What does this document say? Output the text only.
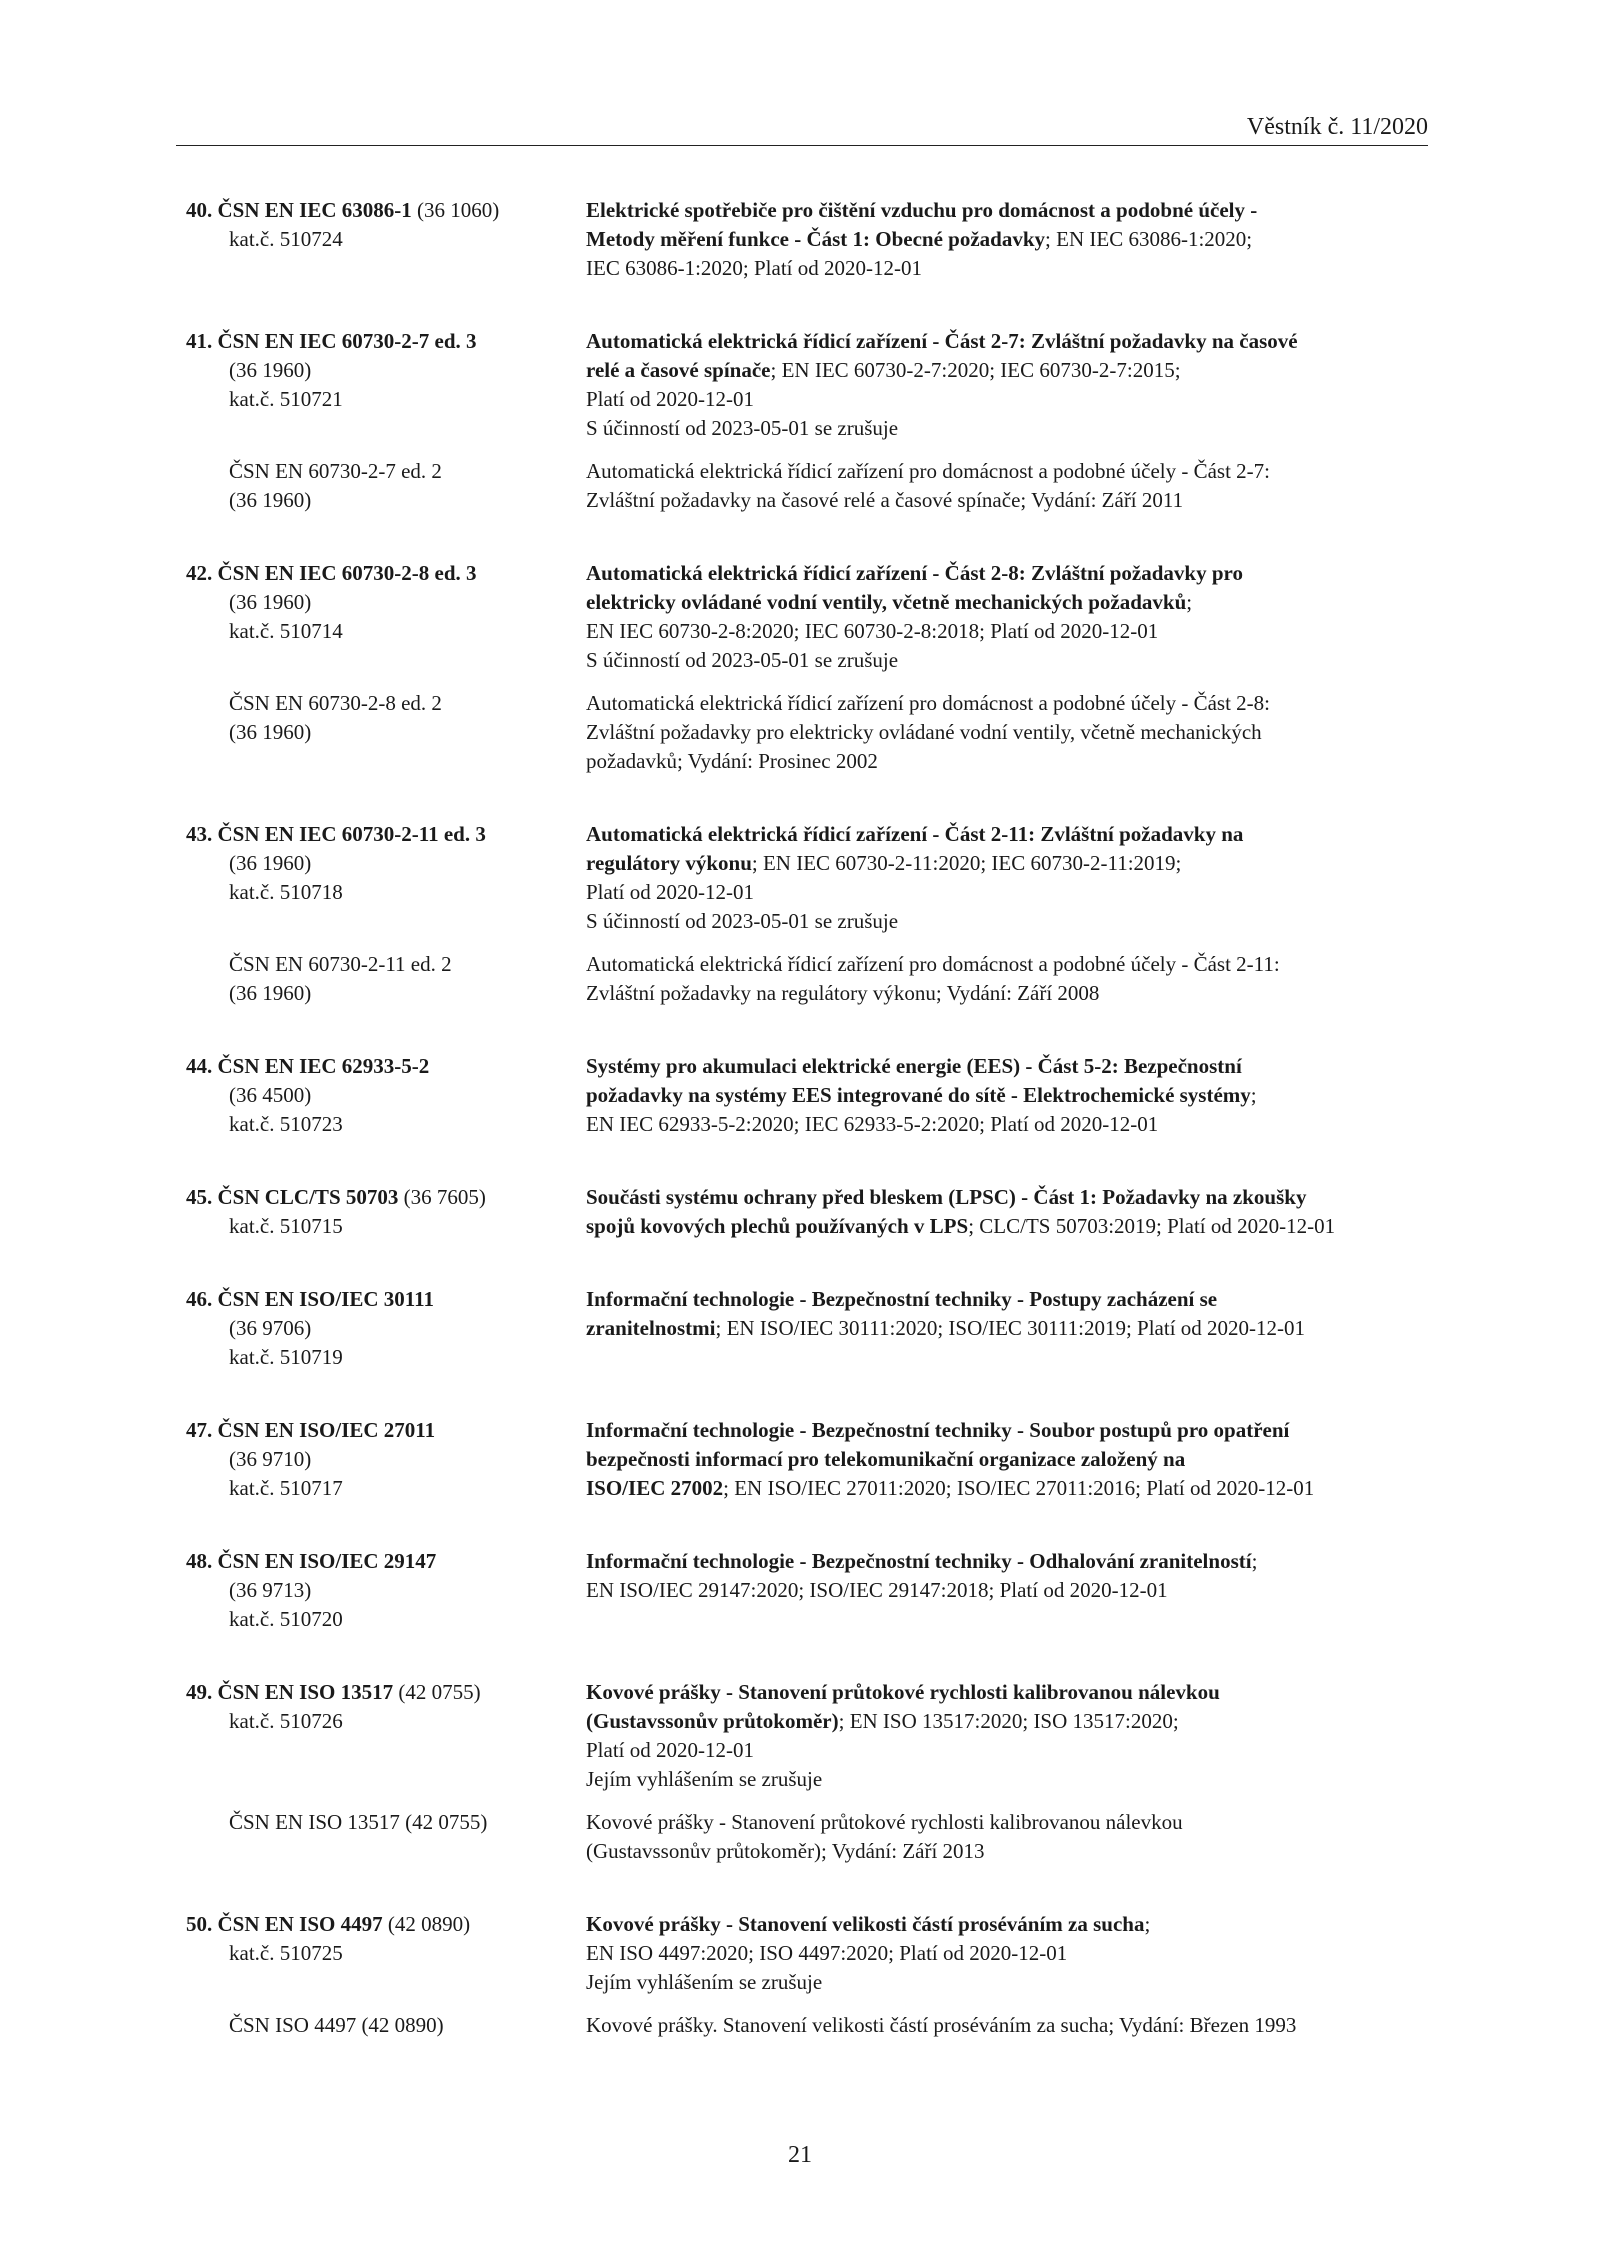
Věstník č. 11/2020
40. ČSN EN IEC 63086-1 (36 1060)
kat.č. 510724
Elektrické spotřebiče pro čištění vzduchu pro domácnost a podobné účely -
Metody měření funkce - Část 1: Obecné požadavky; EN IEC 63086-1:2020;
IEC 63086-1:2020; Platí od 2020-12-01
41. ČSN EN IEC 60730-2-7 ed. 3
(36 1960)
kat.č. 510721
Automatická elektrická řídicí zařízení - Část 2-7: Zvláštní požadavky na časové
relé a časové spínače; EN IEC 60730-2-7:2020; IEC 60730-2-7:2015;
Platí od 2020-12-01
S účinností od 2023-05-01 se zrušuje
ČSN EN 60730-2-7 ed. 2
(36 1960)
Automatická elektrická řídicí zařízení pro domácnost a podobné účely - Část 2-7:
Zvláštní požadavky na časové relé a časové spínače; Vydání: Září 2011
42. ČSN EN IEC 60730-2-8 ed. 3
(36 1960)
kat.č. 510714
Automatická elektrická řídicí zařízení - Část 2-8: Zvláštní požadavky pro
elektricky ovládané vodní ventily, včetně mechanických požadavků;
EN IEC 60730-2-8:2020; IEC 60730-2-8:2018; Platí od 2020-12-01
S účinností od 2023-05-01 se zrušuje
ČSN EN 60730-2-8 ed. 2
(36 1960)
Automatická elektrická řídicí zařízení pro domácnost a podobné účely - Část 2-8:
Zvláštní požadavky pro elektricky ovládané vodní ventily, včetně mechanických
požadavků; Vydání: Prosinec 2002
43. ČSN EN IEC 60730-2-11 ed. 3
(36 1960)
kat.č. 510718
Automatická elektrická řídicí zařízení - Část 2-11: Zvláštní požadavky na
regulátory výkonu; EN IEC 60730-2-11:2020; IEC 60730-2-11:2019;
Platí od 2020-12-01
S účinností od 2023-05-01 se zrušuje
ČSN EN 60730-2-11 ed. 2
(36 1960)
Automatická elektrická řídicí zařízení pro domácnost a podobné účely - Část 2-11:
Zvláštní požadavky na regulátory výkonu; Vydání: Září 2008
44. ČSN EN IEC 62933-5-2
(36 4500)
kat.č. 510723
Systémy pro akumulaci elektrické energie (EES) - Část 5-2: Bezpečnostní
požadavky na systémy EES integrované do sítě - Elektrochemické systémy;
EN IEC 62933-5-2:2020; IEC 62933-5-2:2020; Platí od 2020-12-01
45. ČSN CLC/TS 50703 (36 7605)
kat.č. 510715
Součásti systému ochrany před bleskem (LPSC) - Část 1: Požadavky na zkoušky
spojů kovových plechů používaných v LPS; CLC/TS 50703:2019; Platí od 2020-12-01
46. ČSN EN ISO/IEC 30111
(36 9706)
kat.č. 510719
Informační technologie - Bezpečnostní techniky - Postupy zacházení se
zranitelnostmi; EN ISO/IEC 30111:2020; ISO/IEC 30111:2019; Platí od 2020-12-01
47. ČSN EN ISO/IEC 27011
(36 9710)
kat.č. 510717
Informační technologie - Bezpečnostní techniky - Soubor postupů pro opatření
bezpečnosti informací pro telekomunikační organizace založený na
ISO/IEC 27002; EN ISO/IEC 27011:2020; ISO/IEC 27011:2016; Platí od 2020-12-01
48. ČSN EN ISO/IEC 29147
(36 9713)
kat.č. 510720
Informační technologie - Bezpečnostní techniky - Odhalování zranitelností;
EN ISO/IEC 29147:2020; ISO/IEC 29147:2018; Platí od 2020-12-01
49. ČSN EN ISO 13517 (42 0755)
kat.č. 510726
Kovové prášky - Stanovení průtokové rychlosti kalibrovanou nálevkou
(Gustavssonův průtokoměr); EN ISO 13517:2020; ISO 13517:2020;
Platí od 2020-12-01
Jejím vyhlášením se zrušuje
ČSN EN ISO 13517 (42 0755)	Kovové prášky - Stanovení průtokové rychlosti kalibrovanou nálevkou
(Gustavssonův průtokoměr); Vydání: Září 2013
50. ČSN EN ISO 4497 (42 0890)
kat.č. 510725
Kovové prášky - Stanovení velikosti částí proséváním za sucha;
EN ISO 4497:2020; ISO 4497:2020; Platí od 2020-12-01
Jejím vyhlášením se zrušuje
ČSN ISO 4497 (42 0890)	Kovové prášky. Stanovení velikosti částí proséváním za sucha; Vydání: Březen 1993
21
